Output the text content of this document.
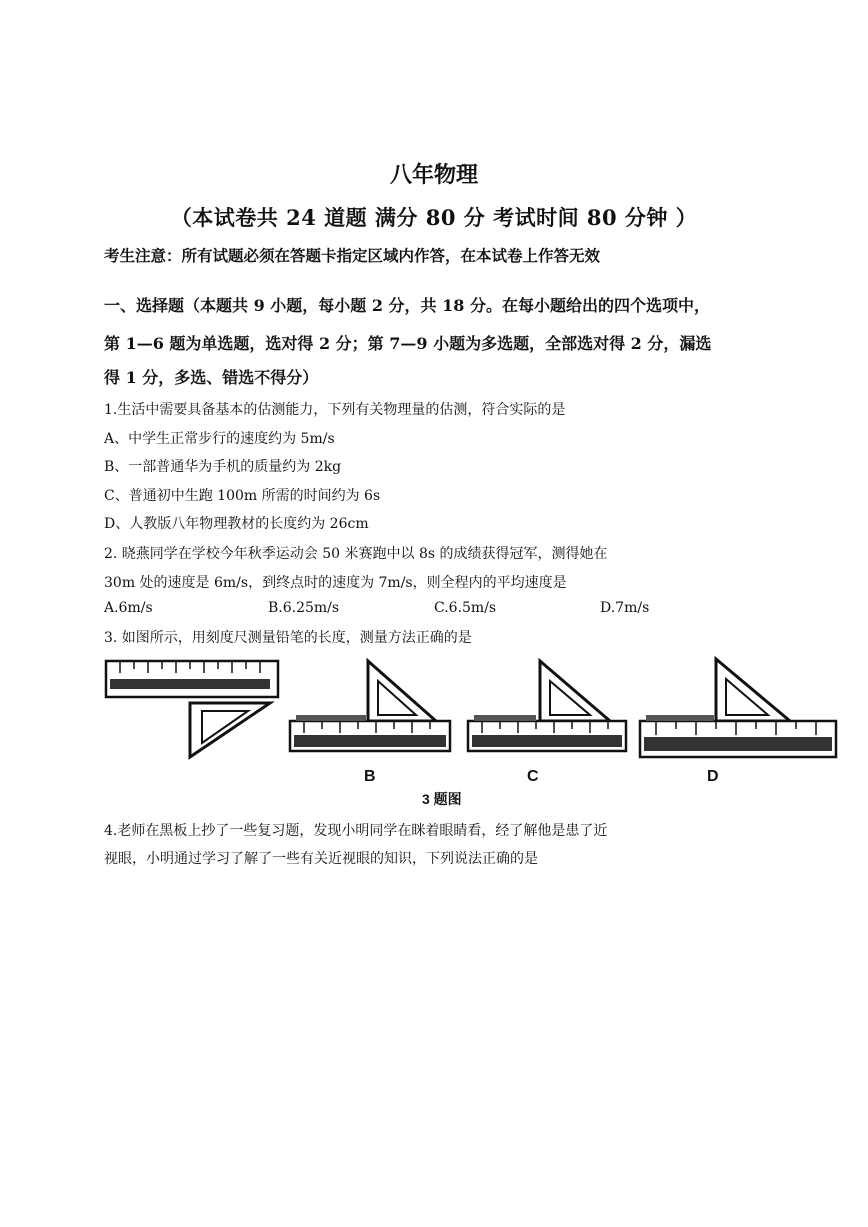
八年物理
（本试卷共 24 道题 满分 80 分 考试时间 80 分钟 ）
考生注意：所有试题必须在答题卡指定区域内作答，在本试卷上作答无效
一、选择题（本题共 9 小题，每小题 2 分，共 18 分。在每小题给出的四个选项中，
第 1—6 题为单选题，选对得 2 分；第 7—9 小题为多选题，全部选对得 2 分，漏选
得 1 分，多选、错选不得分）
1.生活中需要具备基本的估测能力，下列有关物理量的估测，符合实际的是
A、中学生正常步行的速度约为 5m/s
B、一部普通华为手机的质量约为 2kg
C、普通初中生跑 100m 所需的时间约为 6s
D、人教版八年物理教材的长度约为 26cm
2. 晓燕同学在学校今年秋季运动会 50 米赛跑中以 8s 的成绩获得冠军，测得她在
30m 处的速度是 6m/s，到终点时的速度为 7m/s，则全程内的平均速度是
A.6m/s	B.6.25m/s	C.6.5m/s	D.7m/s
3. 如图所示，用刻度尺测量铅笔的长度，测量方法正确的是
B	C	D
3 题图
4.老师在黑板上抄了一些复习题，发现小明同学在眯着眼睛看，经了解他是患了近
视眼，小明通过学习了解了一些有关近视眼的知识，下列说法正确的是
